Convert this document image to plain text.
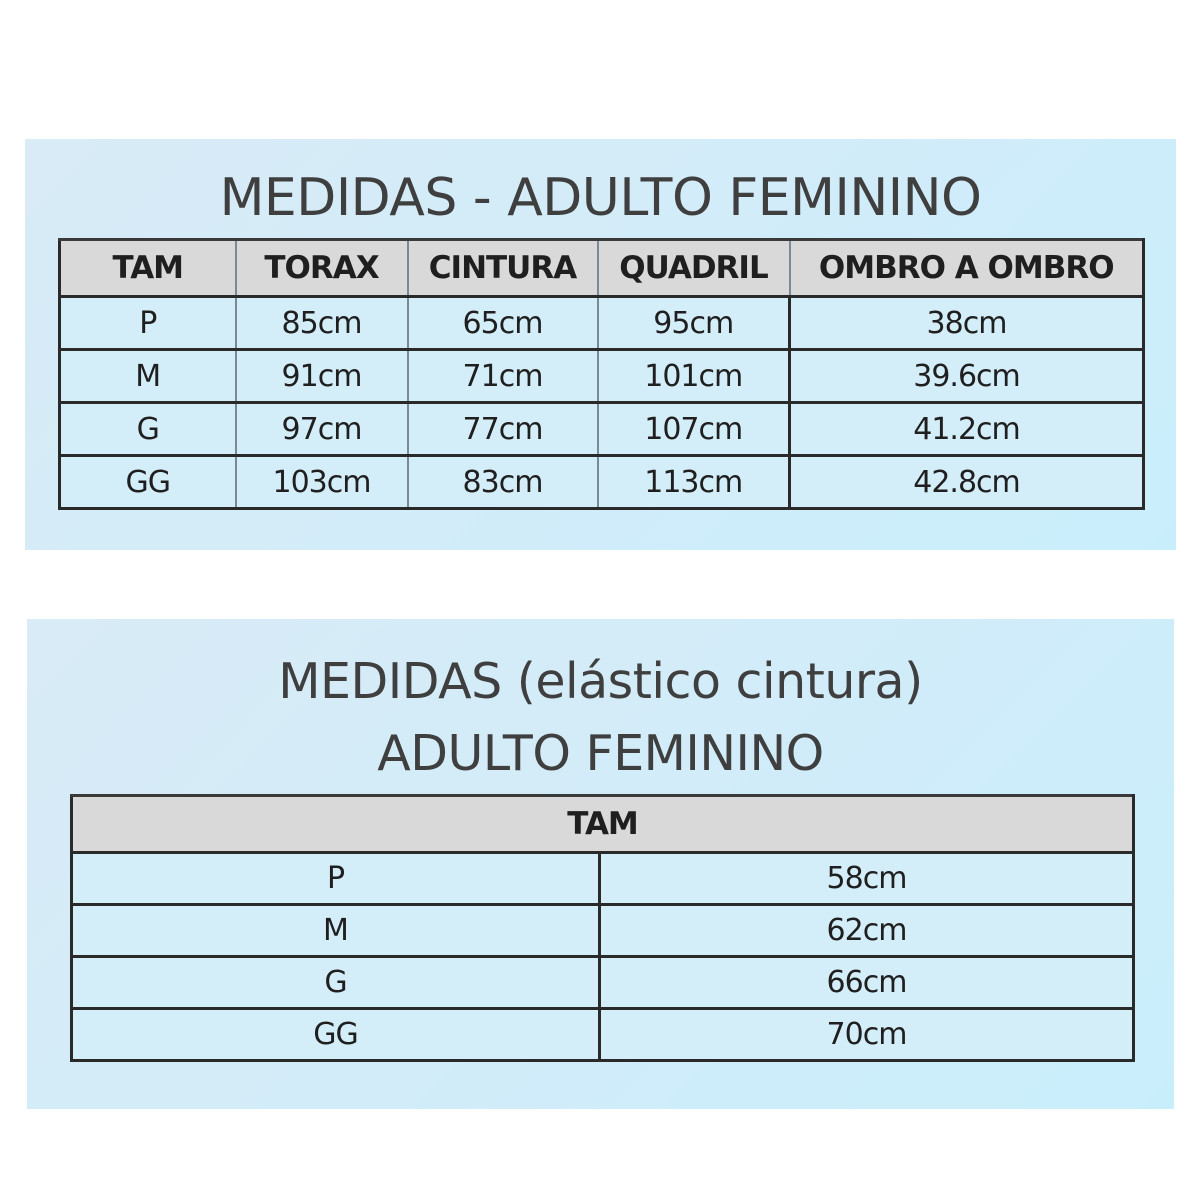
MEDIDAS - ADULTO FEMININO
TAM	TORAX	CINTURA	QUADRIL	OMBRO A OMBRO
P	85cm	65cm	95cm	38cm
M	91cm	71cm	101cm	39.6cm
G	97cm	77cm	107cm	41.2cm
GG	103cm	83cm	113cm	42.8cm
MEDIDAS (elástico cintura)
ADULTO FEMININO
TAM	
P	58cm
M	62cm
G	66cm
GG	70cm
